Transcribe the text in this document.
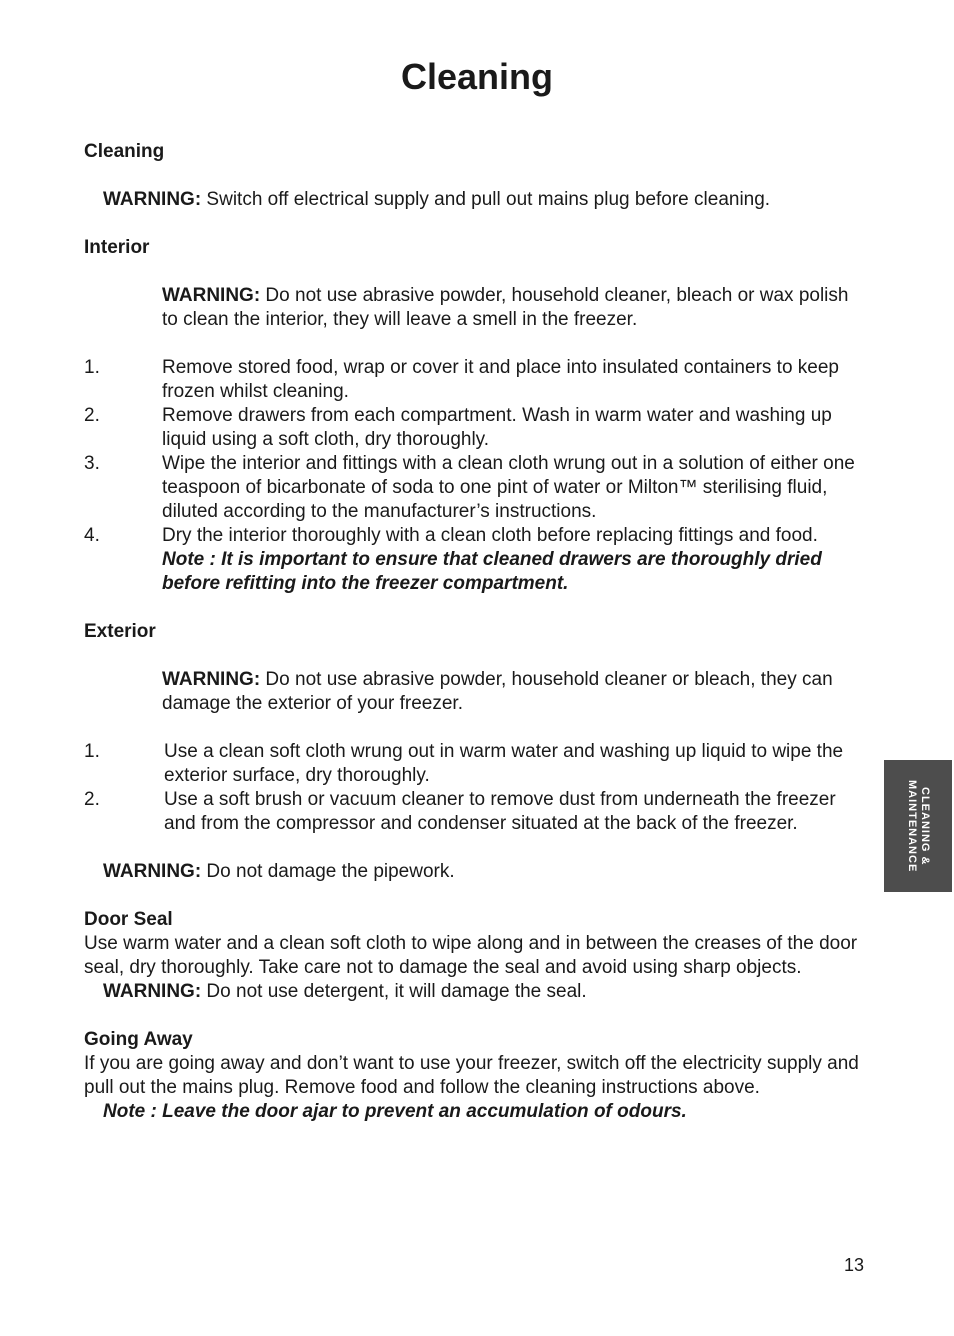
Cleaning
Cleaning
WARNING: Switch off electrical supply and pull out mains plug before cleaning.
Interior
WARNING: Do not use abrasive powder, household cleaner, bleach or wax polish to clean the interior, they will leave a smell in the freezer.
1.	Remove stored food, wrap or cover it and place into insulated containers to keep frozen whilst cleaning.
2.	Remove drawers from each compartment. Wash in warm water and washing up liquid using a soft cloth, dry thoroughly.
3.	Wipe the interior and fittings with a clean cloth wrung out in a solution of either one teaspoon of bicarbonate of soda to one pint of water or Milton™ sterilising fluid, diluted according to the manufacturer’s instructions.
4.	Dry the interior thoroughly with a clean cloth before replacing fittings and food.
Note : It is important to ensure that cleaned drawers are thoroughly dried before refitting into the freezer compartment.
Exterior
WARNING: Do not use abrasive powder, household cleaner or bleach, they can damage the exterior of your freezer.
1.	Use a clean soft cloth wrung out in warm water and washing up liquid to wipe the exterior surface, dry thoroughly.
2.	Use a soft brush or vacuum cleaner to remove dust from underneath the freezer and from the compressor and condenser situated at the back of the freezer.
WARNING: Do not damage the pipework.
Door Seal
Use warm water and a clean soft cloth to wipe along and in between the creases of the door seal, dry thoroughly. Take care not to damage the seal and avoid using sharp objects.
WARNING: Do not use detergent, it will damage the seal.
Going Away
If you are going away and don’t want to use your freezer, switch off the electricity supply and pull out the mains plug. Remove food and follow the cleaning instructions above.
Note : Leave the door ajar to prevent an accumulation of odours.
CLEANING & MAINTENANCE
13
